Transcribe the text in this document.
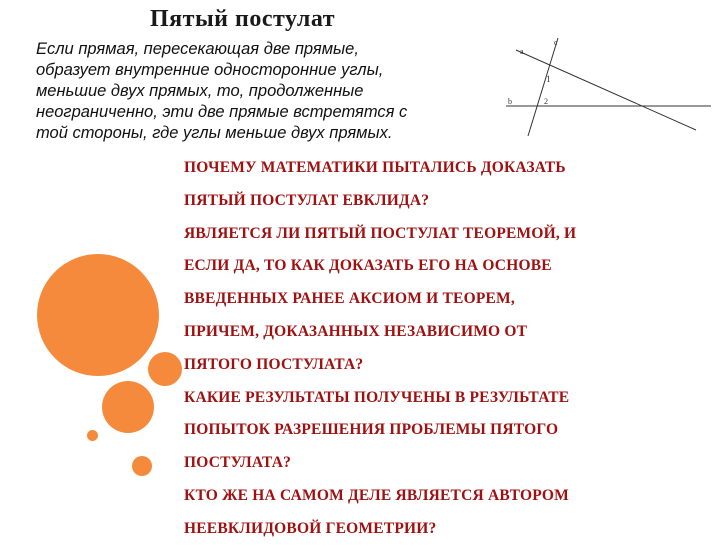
Пятый постулат
Если прямая, пересекающая две прямые,
образует внутренние односторонние углы,
меньшие двух прямых, то, продолженные
неограниченно, эти две прямые встретятся с
той стороны, где углы меньше двух прямых.
c
a
b
1
2
ПОЧЕМУ МАТЕМАТИКИ ПЫТАЛИСЬ ДОКАЗАТЬ
ПЯТЫЙ ПОСТУЛАТ ЕВКЛИДА?
ЯВЛЯЕТСЯ ЛИ ПЯТЫЙ ПОСТУЛАТ ТЕОРЕМОЙ, И
ЕСЛИ ДА, ТО КАК ДОКАЗАТЬ ЕГО НА ОСНОВЕ
ВВЕДЕННЫХ РАНЕЕ АКСИОМ И ТЕОРЕМ,
ПРИЧЕМ, ДОКАЗАННЫХ НЕЗАВИСИМО ОТ
ПЯТОГО ПОСТУЛАТА?
КАКИЕ РЕЗУЛЬТАТЫ ПОЛУЧЕНЫ В РЕЗУЛЬТАТЕ
ПОПЫТОК РАЗРЕШЕНИЯ ПРОБЛЕМЫ ПЯТОГО
ПОСТУЛАТА?
КТО ЖЕ НА САМОМ ДЕЛЕ ЯВЛЯЕТСЯ АВТОРОМ
НЕЕВКЛИДОВОЙ ГЕОМЕТРИИ?
